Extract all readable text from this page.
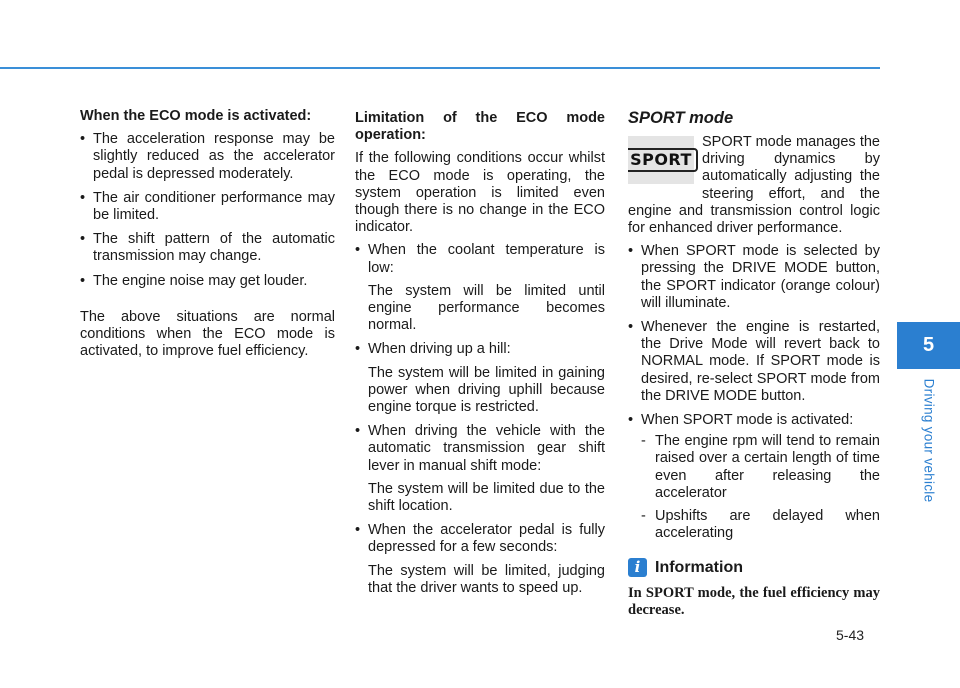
When the ECO mode is activated:

• The acceleration response may be slightly reduced as the accelerator pedal is depressed moderately.
• The air conditioner performance may be limited.
• The shift pattern of the automatic transmission may change.
• The engine noise may get louder.

The above situations are normal conditions when the ECO mode is activated, to improve fuel efficiency.

Limitation of the ECO mode operation:

If the following conditions occur whilst the ECO mode is operating, the system operation is limited even though there is no change in the ECO indicator.

• When the coolant temperature is low:
The system will be limited until engine performance becomes normal.
• When driving up a hill:
The system will be limited in gaining power when driving uphill because engine torque is restricted.
• When driving the vehicle with the automatic transmission gear shift lever in manual shift mode:
The system will be limited due to the shift location.
• When the accelerator pedal is fully depressed for a few seconds:
The system will be limited, judging that the driver wants to speed up.
SPORT mode
SPORT

SPORT mode manages the driving dynamics by automatically adjusting the steering effort, and the engine and transmission control logic for enhanced driver performance.

• When SPORT mode is selected by pressing the DRIVE MODE button, the SPORT indicator (orange colour) will illuminate.
• Whenever the engine is restarted, the Drive Mode will revert back to NORMAL mode. If SPORT mode is desired, re-select SPORT mode from the DRIVE MODE button.
• When SPORT mode is activated:
- The engine rpm will tend to remain raised over a certain length of time even after releasing the accelerator
- Upshifts are delayed when accelerating
i Information
In SPORT mode, the fuel efficiency may decrease.
5
Driving your vehicle
5-43
